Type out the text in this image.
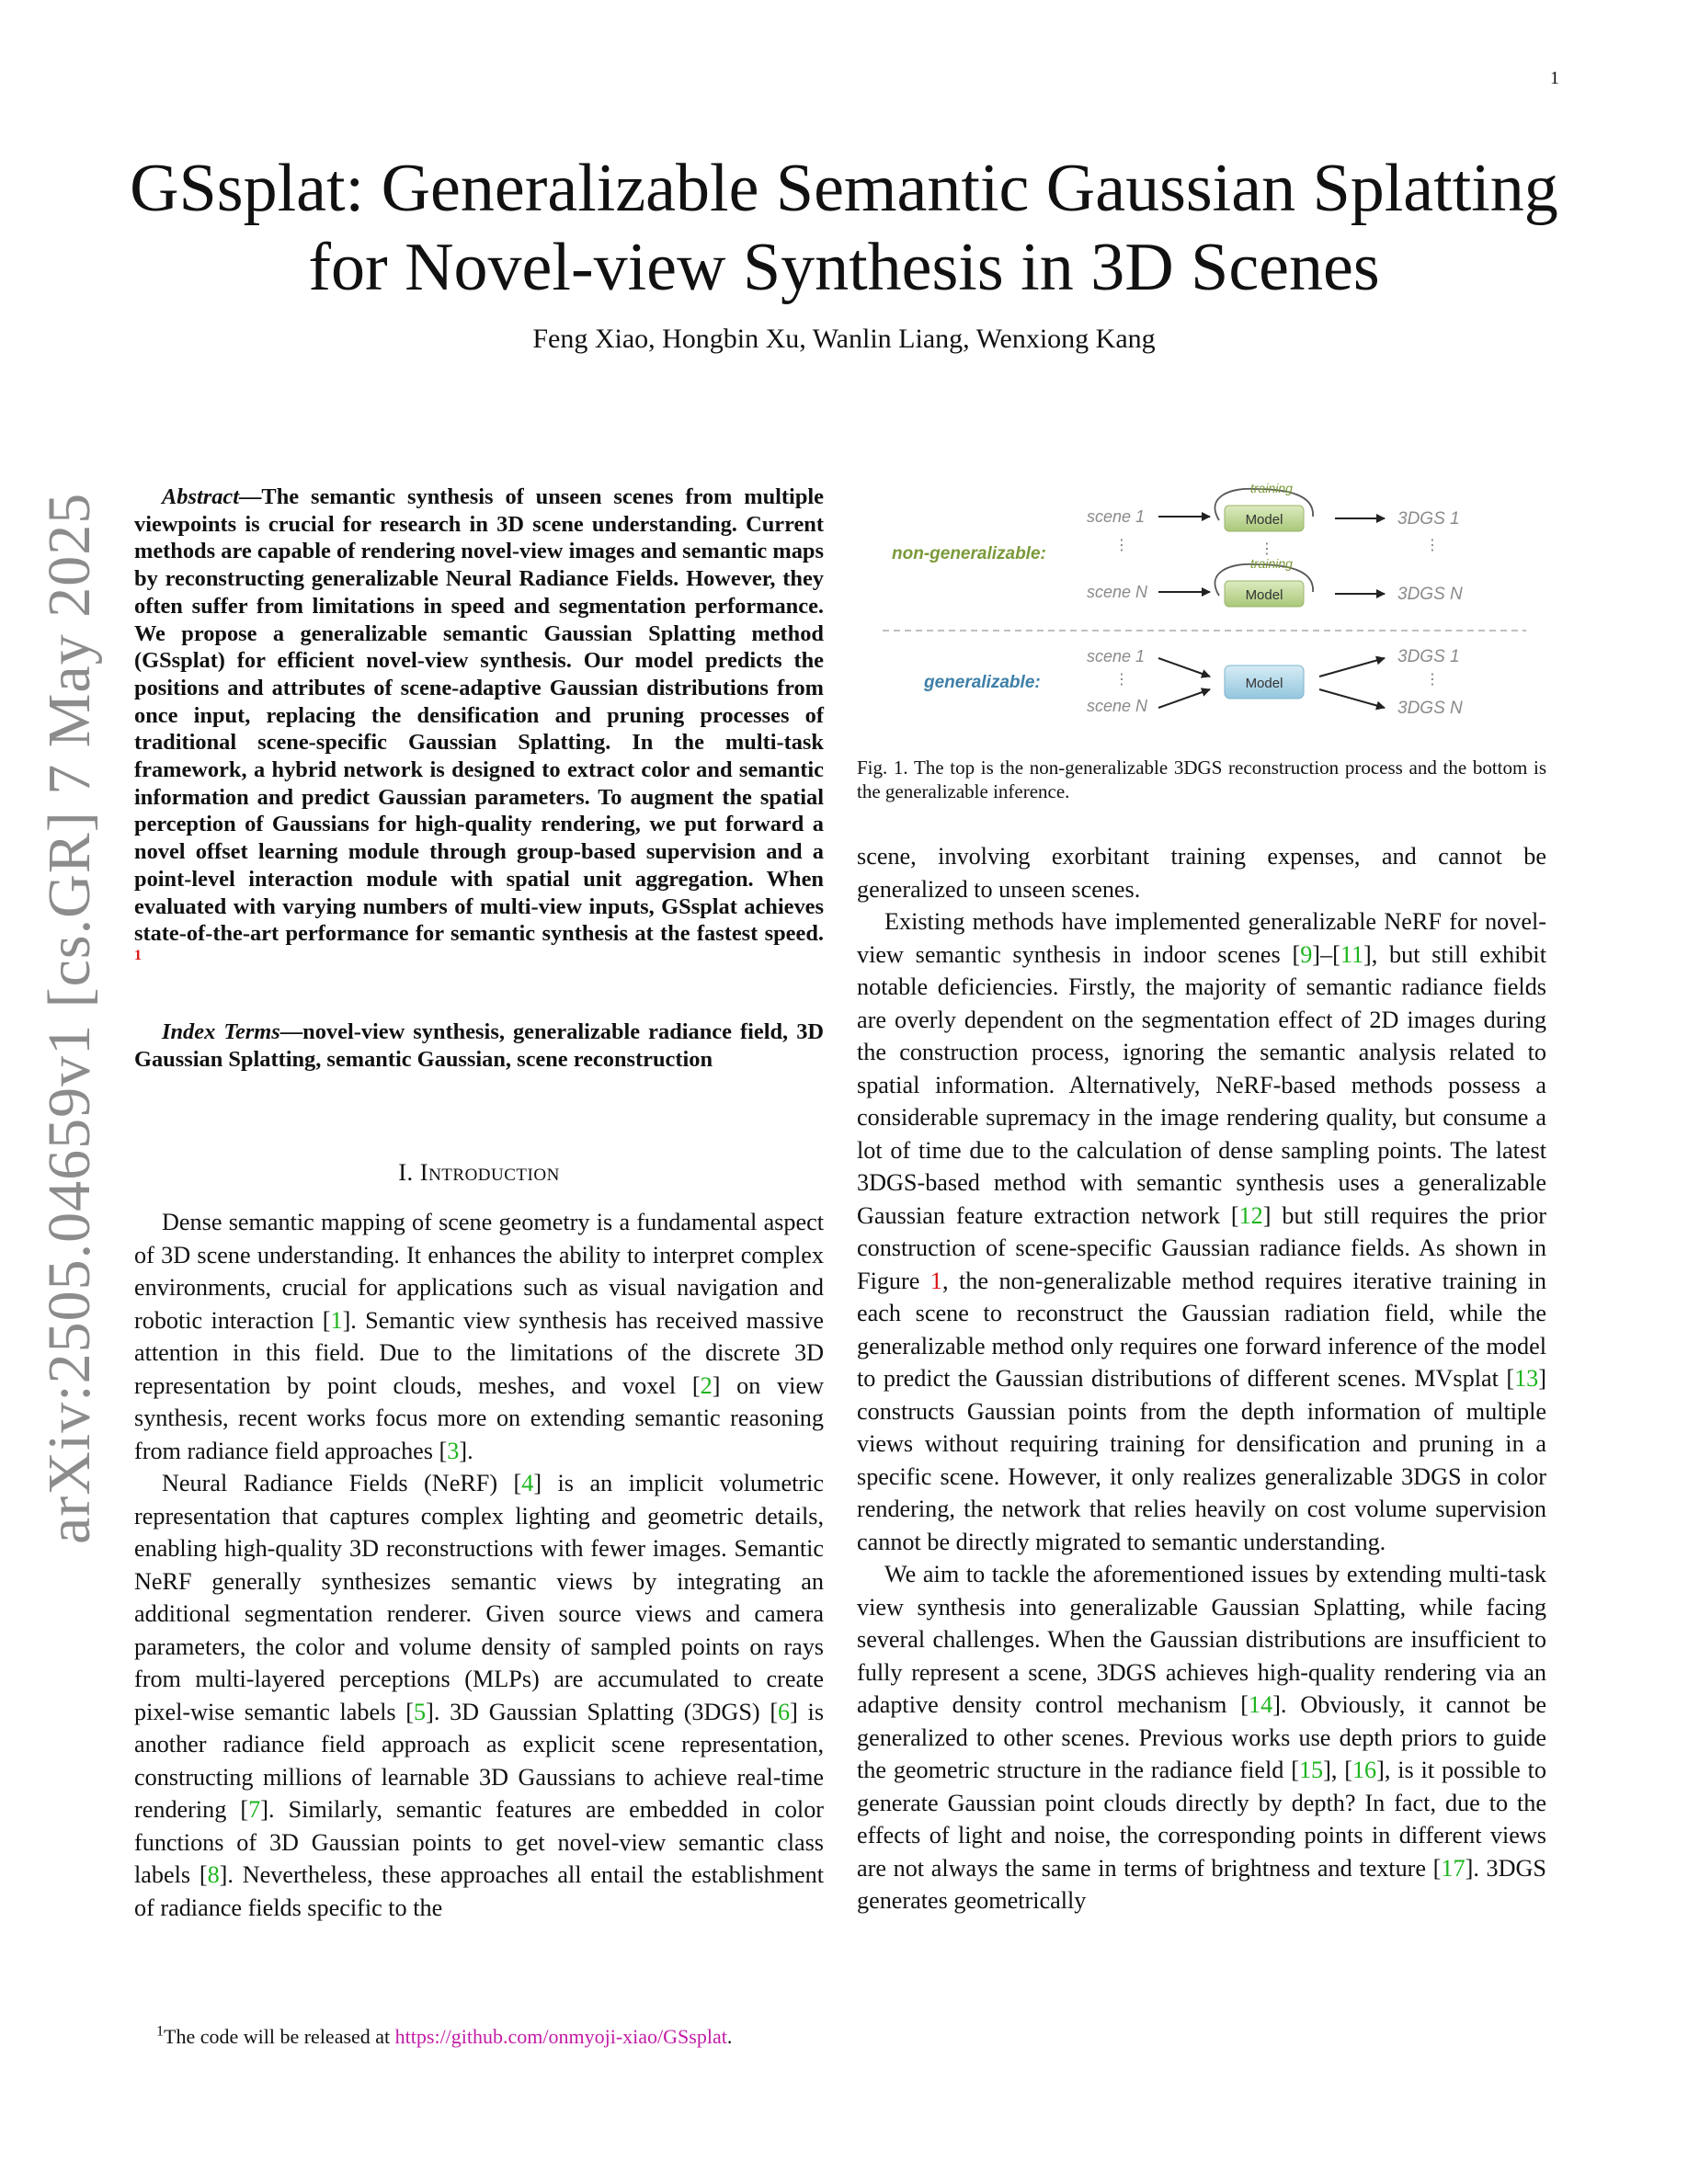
1
arXiv:2505.04659v1 [cs.GR] 7 May 2025
GSsplat: Generalizable Semantic Gaussian Splatting
for Novel-view Synthesis in 3D Scenes
Feng Xiao, Hongbin Xu, Wanlin Liang, Wenxiong Kang

Abstract—The semantic synthesis of unseen scenes from multiple viewpoints is crucial for research in 3D scene understanding. Current methods are capable of rendering novel-view images and semantic maps by reconstructing generalizable Neural Radiance Fields. However, they often suffer from limitations in speed and segmentation performance. We propose a generalizable semantic Gaussian Splatting method (GSsplat) for efficient novel-view synthesis. Our model predicts the positions and attributes of scene-adaptive Gaussian distributions from once input, replacing the densification and pruning processes of traditional scene-specific Gaussian Splatting. In the multi-task framework, a hybrid network is designed to extract color and semantic information and predict Gaussian parameters. To augment the spatial perception of Gaussians for high-quality rendering, we put forward a novel offset learning module through group-based supervision and a point-level interaction module with spatial unit aggregation. When evaluated with varying numbers of multi-view inputs, GSsplat achieves state-of-the-art performance for semantic synthesis at the fastest speed. $^1$

Index Terms—novel-view synthesis, generalizable radiance field, 3D Gaussian Splatting, semantic Gaussian, scene reconstruction

I. Introduction

Dense semantic mapping of scene geometry is a fundamental aspect of 3D scene understanding. It enhances the ability to interpret complex environments, crucial for applications such as visual navigation and robotic interaction [1]. Semantic view synthesis has received massive attention in this field. Due to the limitations of the discrete 3D representation by point clouds, meshes, and voxel [2] on view synthesis, recent works focus more on extending semantic reasoning from radiance field approaches [3].

Neural Radiance Fields (NeRF) [4] is an implicit volumetric representation that captures complex lighting and geometric details, enabling high-quality 3D reconstructions with fewer images. Semantic NeRF generally synthesizes semantic views by integrating an additional segmentation renderer. Given source views and camera parameters, the color and volume density of sampled points on rays from multi-layered perceptions (MLPs) are accumulated to create pixel-wise semantic labels [5]. 3D Gaussian Splatting (3DGS) [6] is another radiance field approach as explicit scene representation, constructing millions of learnable 3D Gaussians to achieve real-time rendering [7]. Similarly, semantic features are embedded in color functions of 3D Gaussian points to get novel-view semantic class labels [8]. Nevertheless, these approaches all entail the establishment of radiance fields specific to the

$^1$The code will be released at https://github.com/onmyoji-xiao/GSsplat.
non-generalizable:
scene 1
training
Model	3DGS 1
⋮	⋮	⋮
scene N
training
Model	3DGS N
generalizable:
scene 1
⋮
scene N
Model
3DGS 1
⋮
3DGS N
Fig. 1. The top is the non-generalizable 3DGS reconstruction process and the bottom is the generalizable inference.

scene, involving exorbitant training expenses, and cannot be generalized to unseen scenes.

Existing methods have implemented generalizable NeRF for novel-view semantic synthesis in indoor scenes [9]–[11], but still exhibit notable deficiencies. Firstly, the majority of semantic radiance fields are overly dependent on the segmentation effect of 2D images during the construction process, ignoring the semantic analysis related to spatial information. Alternatively, NeRF-based methods possess a considerable supremacy in the image rendering quality, but consume a lot of time due to the calculation of dense sampling points. The latest 3DGS-based method with semantic synthesis uses a generalizable Gaussian feature extraction network [12] but still requires the prior construction of scene-specific Gaussian radiance fields. As shown in Figure 1, the non-generalizable method requires iterative training in each scene to reconstruct the Gaussian radiation field, while the generalizable method only requires one forward inference of the model to predict the Gaussian distributions of different scenes. MVsplat [13] constructs Gaussian points from the depth information of multiple views without requiring training for densification and pruning in a specific scene. However, it only realizes generalizable 3DGS in color rendering, the network that relies heavily on cost volume supervision cannot be directly migrated to semantic understanding.

We aim to tackle the aforementioned issues by extending multi-task view synthesis into generalizable Gaussian Splatting, while facing several challenges. When the Gaussian distributions are insufficient to fully represent a scene, 3DGS achieves high-quality rendering via an adaptive density control mechanism [14]. Obviously, it cannot be generalized to other scenes. Previous works use depth priors to guide the geometric structure in the radiance field [15], [16], is it possible to generate Gaussian point clouds directly by depth? In fact, due to the effects of light and noise, the corresponding points in different views are not always the same in terms of brightness and texture [17]. 3DGS generates geometrically
